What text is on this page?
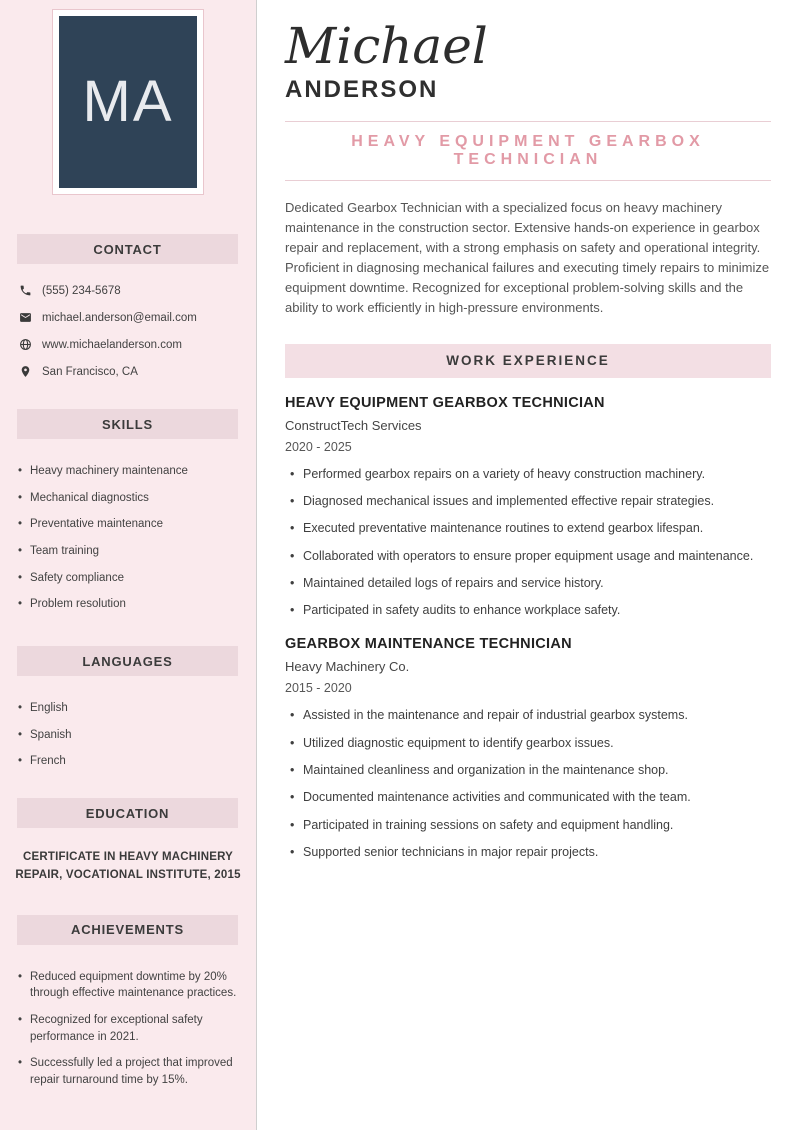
MA
CONTACT
(555) 234-5678
michael.anderson@email.com
www.michaelanderson.com
San Francisco, CA
SKILLS
• Heavy machinery maintenance
• Mechanical diagnostics
• Preventative maintenance
• Team training
• Safety compliance
• Problem resolution
LANGUAGES
• English
• Spanish
• French
EDUCATION
CERTIFICATE IN HEAVY MACHINERY REPAIR, VOCATIONAL INSTITUTE, 2015
ACHIEVEMENTS
• Reduced equipment downtime by 20% through effective maintenance practices.
• Recognized for exceptional safety performance in 2021.
• Successfully led a project that improved repair turnaround time by 15%.
Michael
ANDERSON
HEAVY EQUIPMENT GEARBOX TECHNICIAN

Dedicated Gearbox Technician with a specialized focus on heavy machinery maintenance in the construction sector. Extensive hands-on experience in gearbox repair and replacement, with a strong emphasis on safety and operational integrity. Proficient in diagnosing mechanical failures and executing timely repairs to minimize equipment downtime. Recognized for exceptional problem-solving skills and the ability to work efficiently in high-pressure environments.

WORK EXPERIENCE
HEAVY EQUIPMENT GEARBOX TECHNICIAN
ConstructTech Services
2020 - 2025
• Performed gearbox repairs on a variety of heavy construction machinery.
• Diagnosed mechanical issues and implemented effective repair strategies.
• Executed preventative maintenance routines to extend gearbox lifespan.
• Collaborated with operators to ensure proper equipment usage and maintenance.
• Maintained detailed logs of repairs and service history.
• Participated in safety audits to enhance workplace safety.
GEARBOX MAINTENANCE TECHNICIAN
Heavy Machinery Co.
2015 - 2020
• Assisted in the maintenance and repair of industrial gearbox systems.
• Utilized diagnostic equipment to identify gearbox issues.
• Maintained cleanliness and organization in the maintenance shop.
• Documented maintenance activities and communicated with the team.
• Participated in training sessions on safety and equipment handling.
• Supported senior technicians in major repair projects.
